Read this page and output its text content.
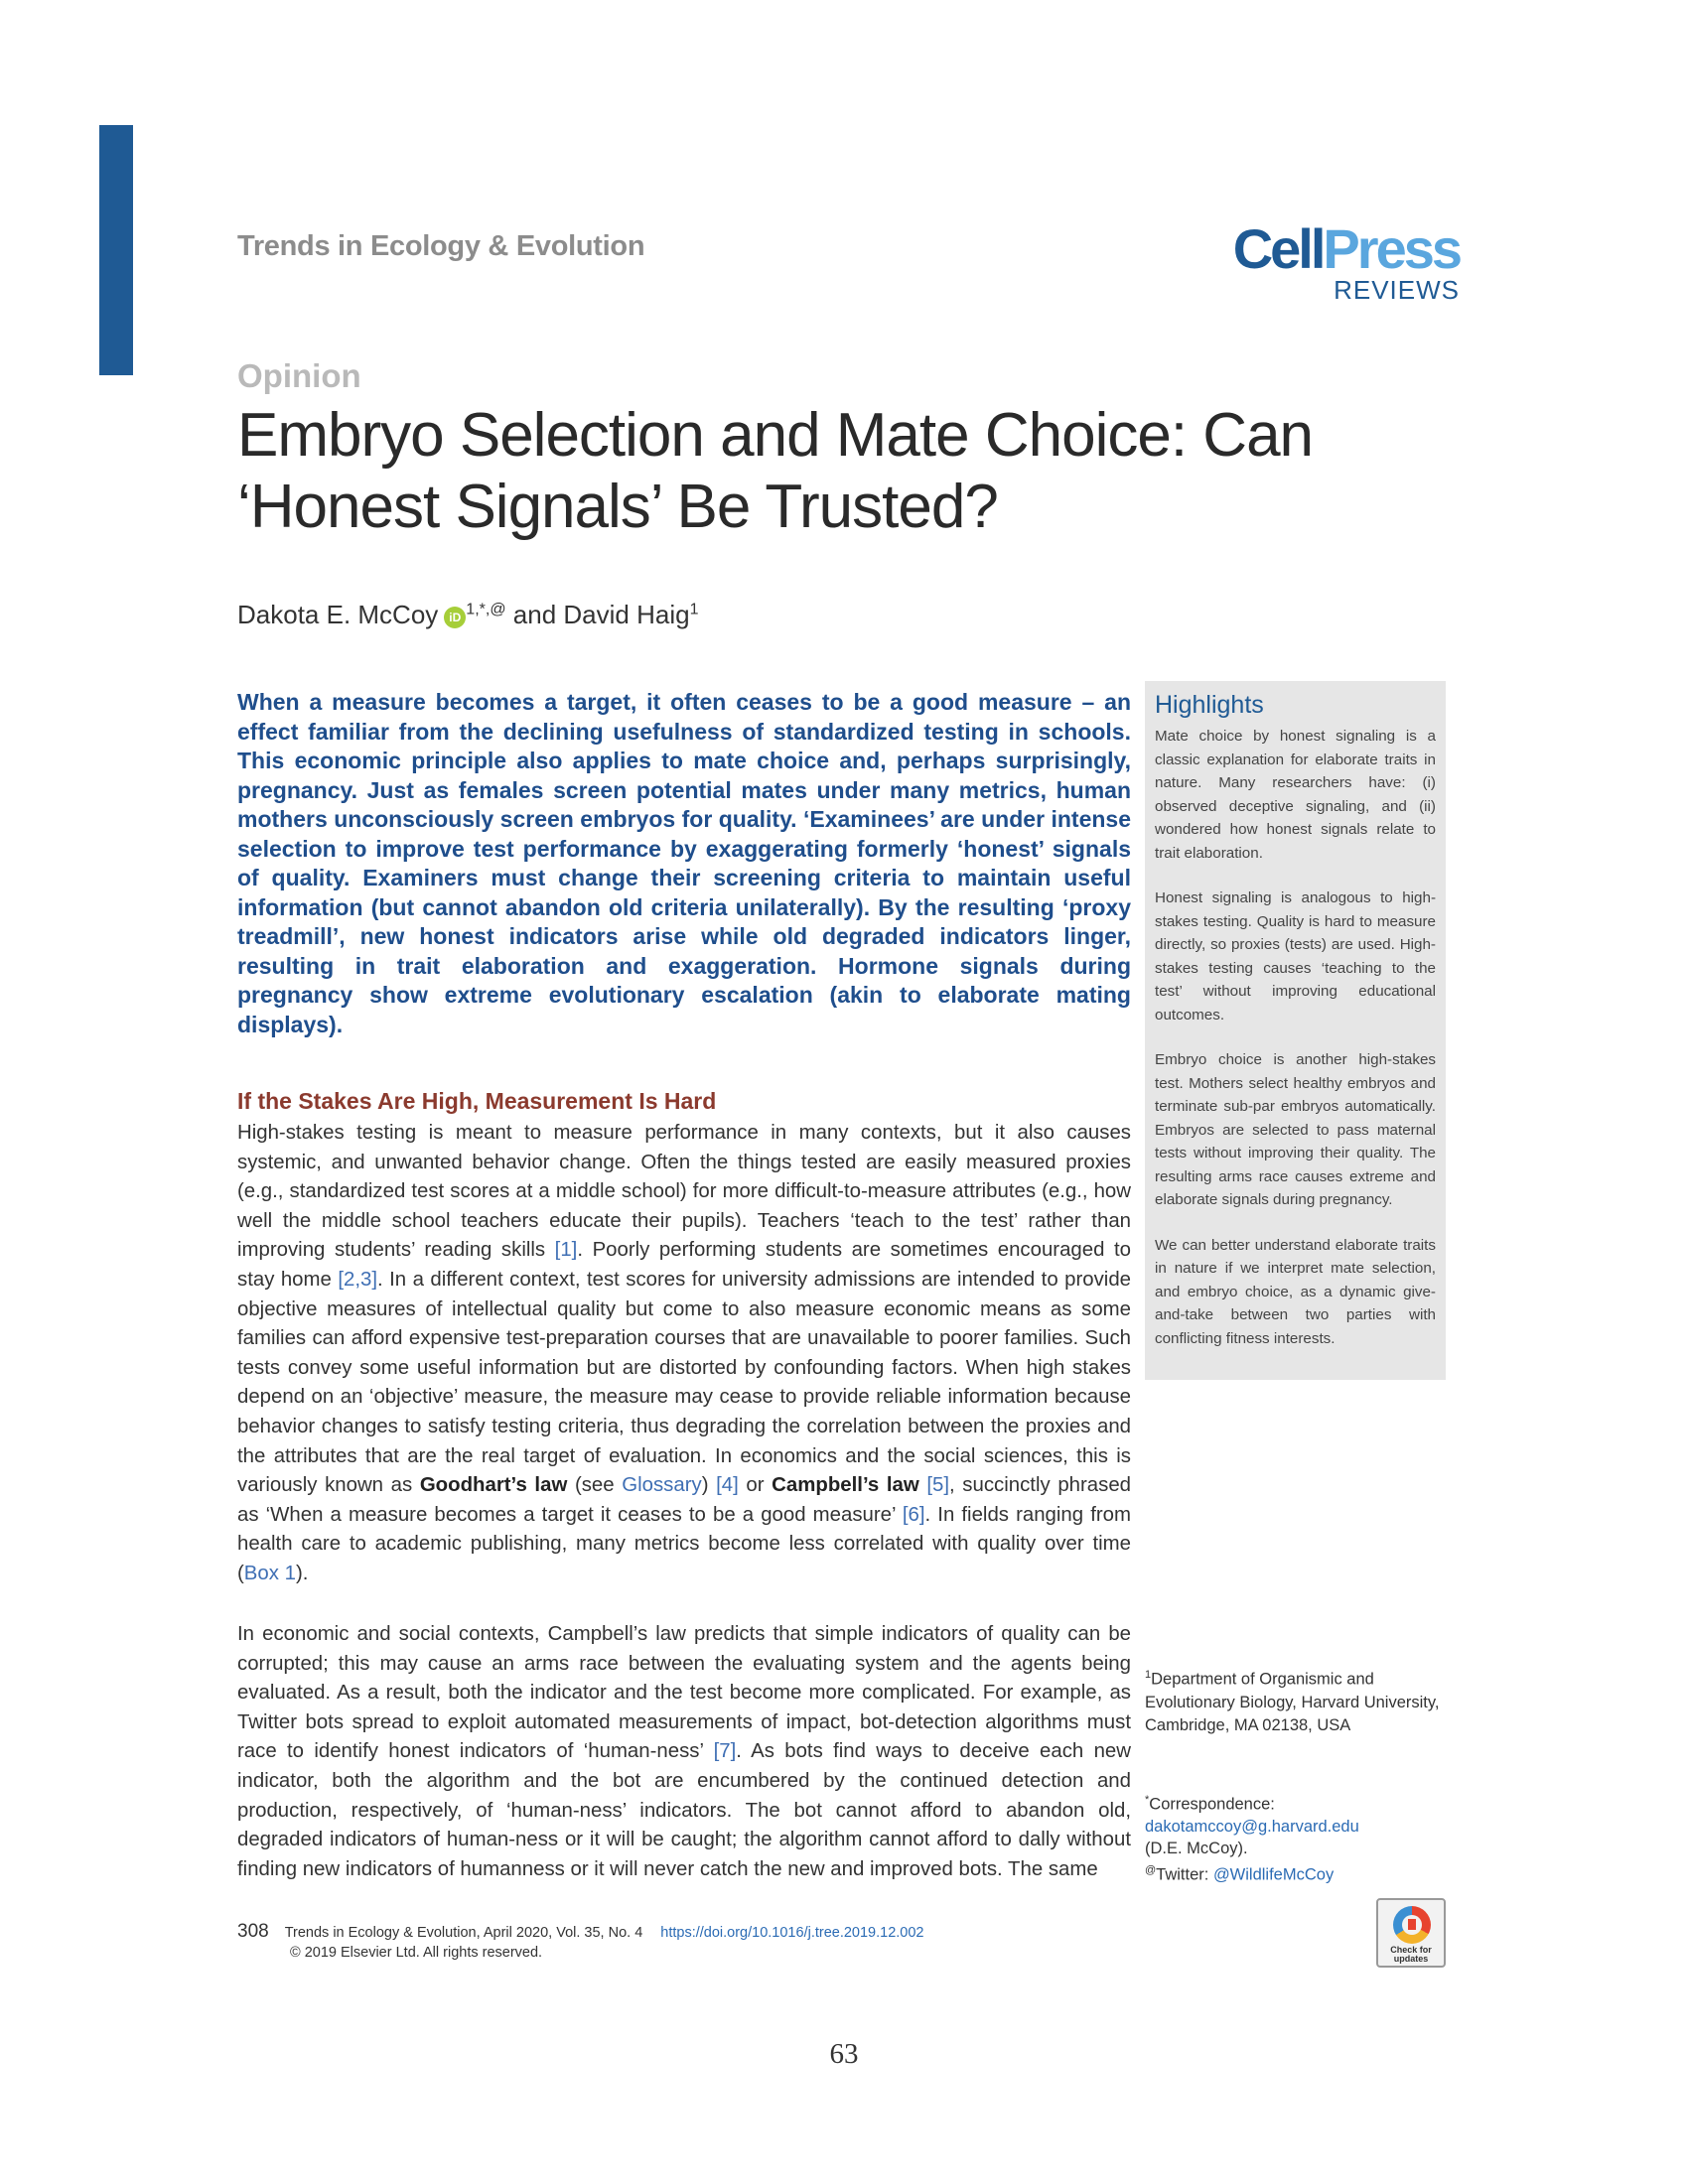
Trends in Ecology & Evolution	CellPress
REVIEWS
Opinion
Embryo Selection and Mate Choice: Can
‘Honest Signals’ Be Trusted?
Dakota E. McCoy iD $^{1,*,@}$ and David Haig$^1$
When a measure becomes a target, it often ceases to be a good measure – an effect familiar from the declining usefulness of standardized testing in schools. This economic principle also applies to mate choice and, perhaps surprisingly, pregnancy. Just as females screen potential mates under many metrics, human mothers unconsciously screen embryos for quality. ‘Examinees’ are under intense selection to improve test performance by exaggerating formerly ‘honest’ signals of quality. Examiners must change their screening criteria to maintain useful information (but cannot abandon old criteria unilaterally). By the resulting ‘proxy treadmill’, new honest indicators arise while old degraded indicators linger, resulting in trait elaboration and exaggeration. Hormone signals during pregnancy show extreme evolutionary escalation (akin to elaborate mating displays).
If the Stakes Are High, Measurement Is Hard
High-stakes testing is meant to measure performance in many contexts, but it also causes systemic, and unwanted behavior change. Often the things tested are easily measured proxies (e.g., standardized test scores at a middle school) for more difficult-to-measure attributes (e.g., how well the middle school teachers educate their pupils). Teachers ‘teach to the test’ rather than improving students’ reading skills [1]. Poorly performing students are sometimes encouraged to stay home [2,3]. In a different context, test scores for university admissions are intended to provide objective measures of intellectual quality but come to also measure economic means as some families can afford expensive test-preparation courses that are unavailable to poorer families. Such tests convey some useful information but are distorted by confounding factors. When high stakes depend on an ‘objective’ measure, the measure may cease to provide reliable information because behavior changes to satisfy testing criteria, thus degrading the correlation between the proxies and the attributes that are the real target of evaluation. In economics and the social sciences, this is variously known as Goodhart’s law (see Glossary) [4] or Campbell’s law [5], succinctly phrased as ‘When a measure becomes a target it ceases to be a good measure’ [6]. In fields ranging from health care to academic publishing, many metrics become less correlated with quality over time (Box 1).
In economic and social contexts, Campbell’s law predicts that simple indicators of quality can be corrupted; this may cause an arms race between the evaluating system and the agents being evaluated. As a result, both the indicator and the test become more complicated. For example, as Twitter bots spread to exploit automated measurements of impact, bot-detection algorithms must race to identify honest indicators of ‘human-ness’ [7]. As bots find ways to deceive each new indicator, both the algorithm and the bot are encumbered by the continued detection and production, respectively, of ‘human-ness’ indicators. The bot cannot afford to abandon old, degraded indicators of human-ness or it will be caught; the algorithm cannot afford to dally without finding new indicators of humanness or it will never catch the new and improved bots. The same
Highlights
Mate choice by honest signaling is a classic explanation for elaborate traits in nature. Many researchers have: (i) observed deceptive signaling, and (ii) wondered how honest signals relate to trait elaboration.
Honest signaling is analogous to high-stakes testing. Quality is hard to measure directly, so proxies (tests) are used. High-stakes testing causes ‘teaching to the test’ without improving educational outcomes.
Embryo choice is another high-stakes test. Mothers select healthy embryos and terminate sub-par embryos automatically. Embryos are selected to pass maternal tests without improving their quality. The resulting arms race causes extreme and elaborate signals during pregnancy.
We can better understand elaborate traits in nature if we interpret mate selection, and embryo choice, as a dynamic give-and-take between two parties with conflicting fitness interests.
$^1$Department of Organismic and Evolutionary Biology, Harvard University, Cambridge, MA 02138, USA
*Correspondence:
dakotamccoy@g.harvard.edu
(D.E. McCoy).
@Twitter: @WildlifeMcCoy
Check for updates
308 Trends in Ecology & Evolution, April 2020, Vol. 35, No. 4 https://doi.org/10.1016/j.tree.2019.12.002
© 2019 Elsevier Ltd. All rights reserved.
63
